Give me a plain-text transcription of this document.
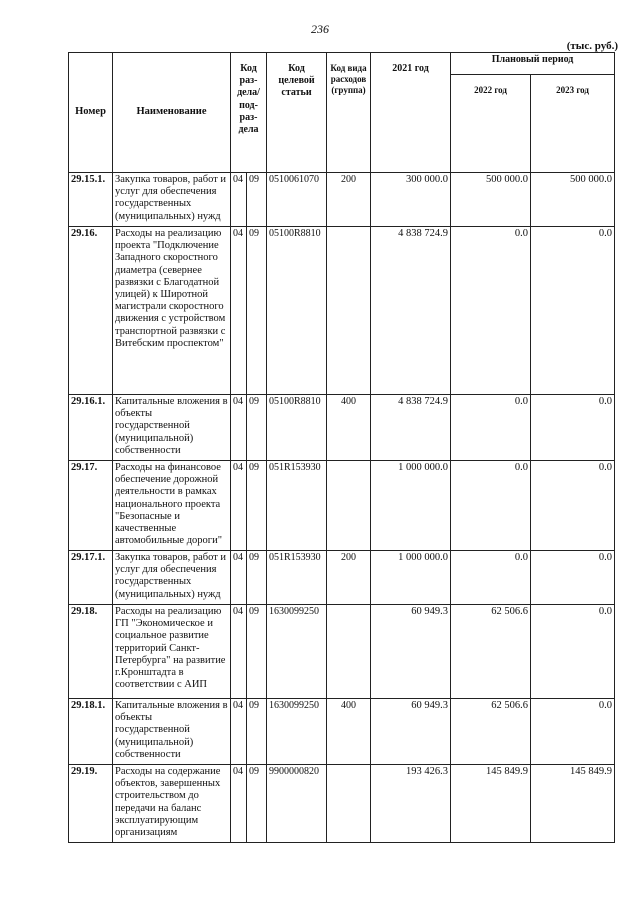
236
(тыс. руб.)
Номер	Наименование	Код раз-дела/ под-раз-дела		Код целевой статьи	Код вида расходов (группа)	2021 год	Плановый период	
							2022 год	2023 год
29.15.1.	Закупка товаров, работ и услуг для обеспечения государственных (муниципальных) нужд	04	09	0510061070	200	300 000.0	500 000.0	500 000.0
29.16.	Расходы на реализацию проекта "Подключение Западного скоростного диаметра (севернее развязки с Благодатной улицей) к Широтной магистрали скоростного движения с устройством транспортной развязки с Витебским проспектом"	04	09	05100R8810		4 838 724.9	0.0	0.0
29.16.1.	Капитальные вложения в объекты государственной (муниципальной) собственности	04	09	05100R8810	400	4 838 724.9	0.0	0.0
29.17.	Расходы на финансовое обеспечение дорожной деятельности в рамках национального проекта "Безопасные и качественные автомобильные дороги"	04	09	051R153930		1 000 000.0	0.0	0.0
29.17.1.	Закупка товаров, работ и услуг для обеспечения государственных (муниципальных) нужд	04	09	051R153930	200	1 000 000.0	0.0	0.0
29.18.	Расходы на реализацию ГП "Экономическое и социальное развитие территорий Санкт-Петербурга" на развитие г.Кронштадта в соответствии с АИП	04	09	1630099250		60 949.3	62 506.6	0.0
29.18.1.	Капитальные вложения в объекты государственной (муниципальной) собственности	04	09	1630099250	400	60 949.3	62 506.6	0.0
29.19.	Расходы на содержание объектов, завершенных строительством до передачи на баланс эксплуатирующим организациям	04	09	9900000820		193 426.3	145 849.9	145 849.9
